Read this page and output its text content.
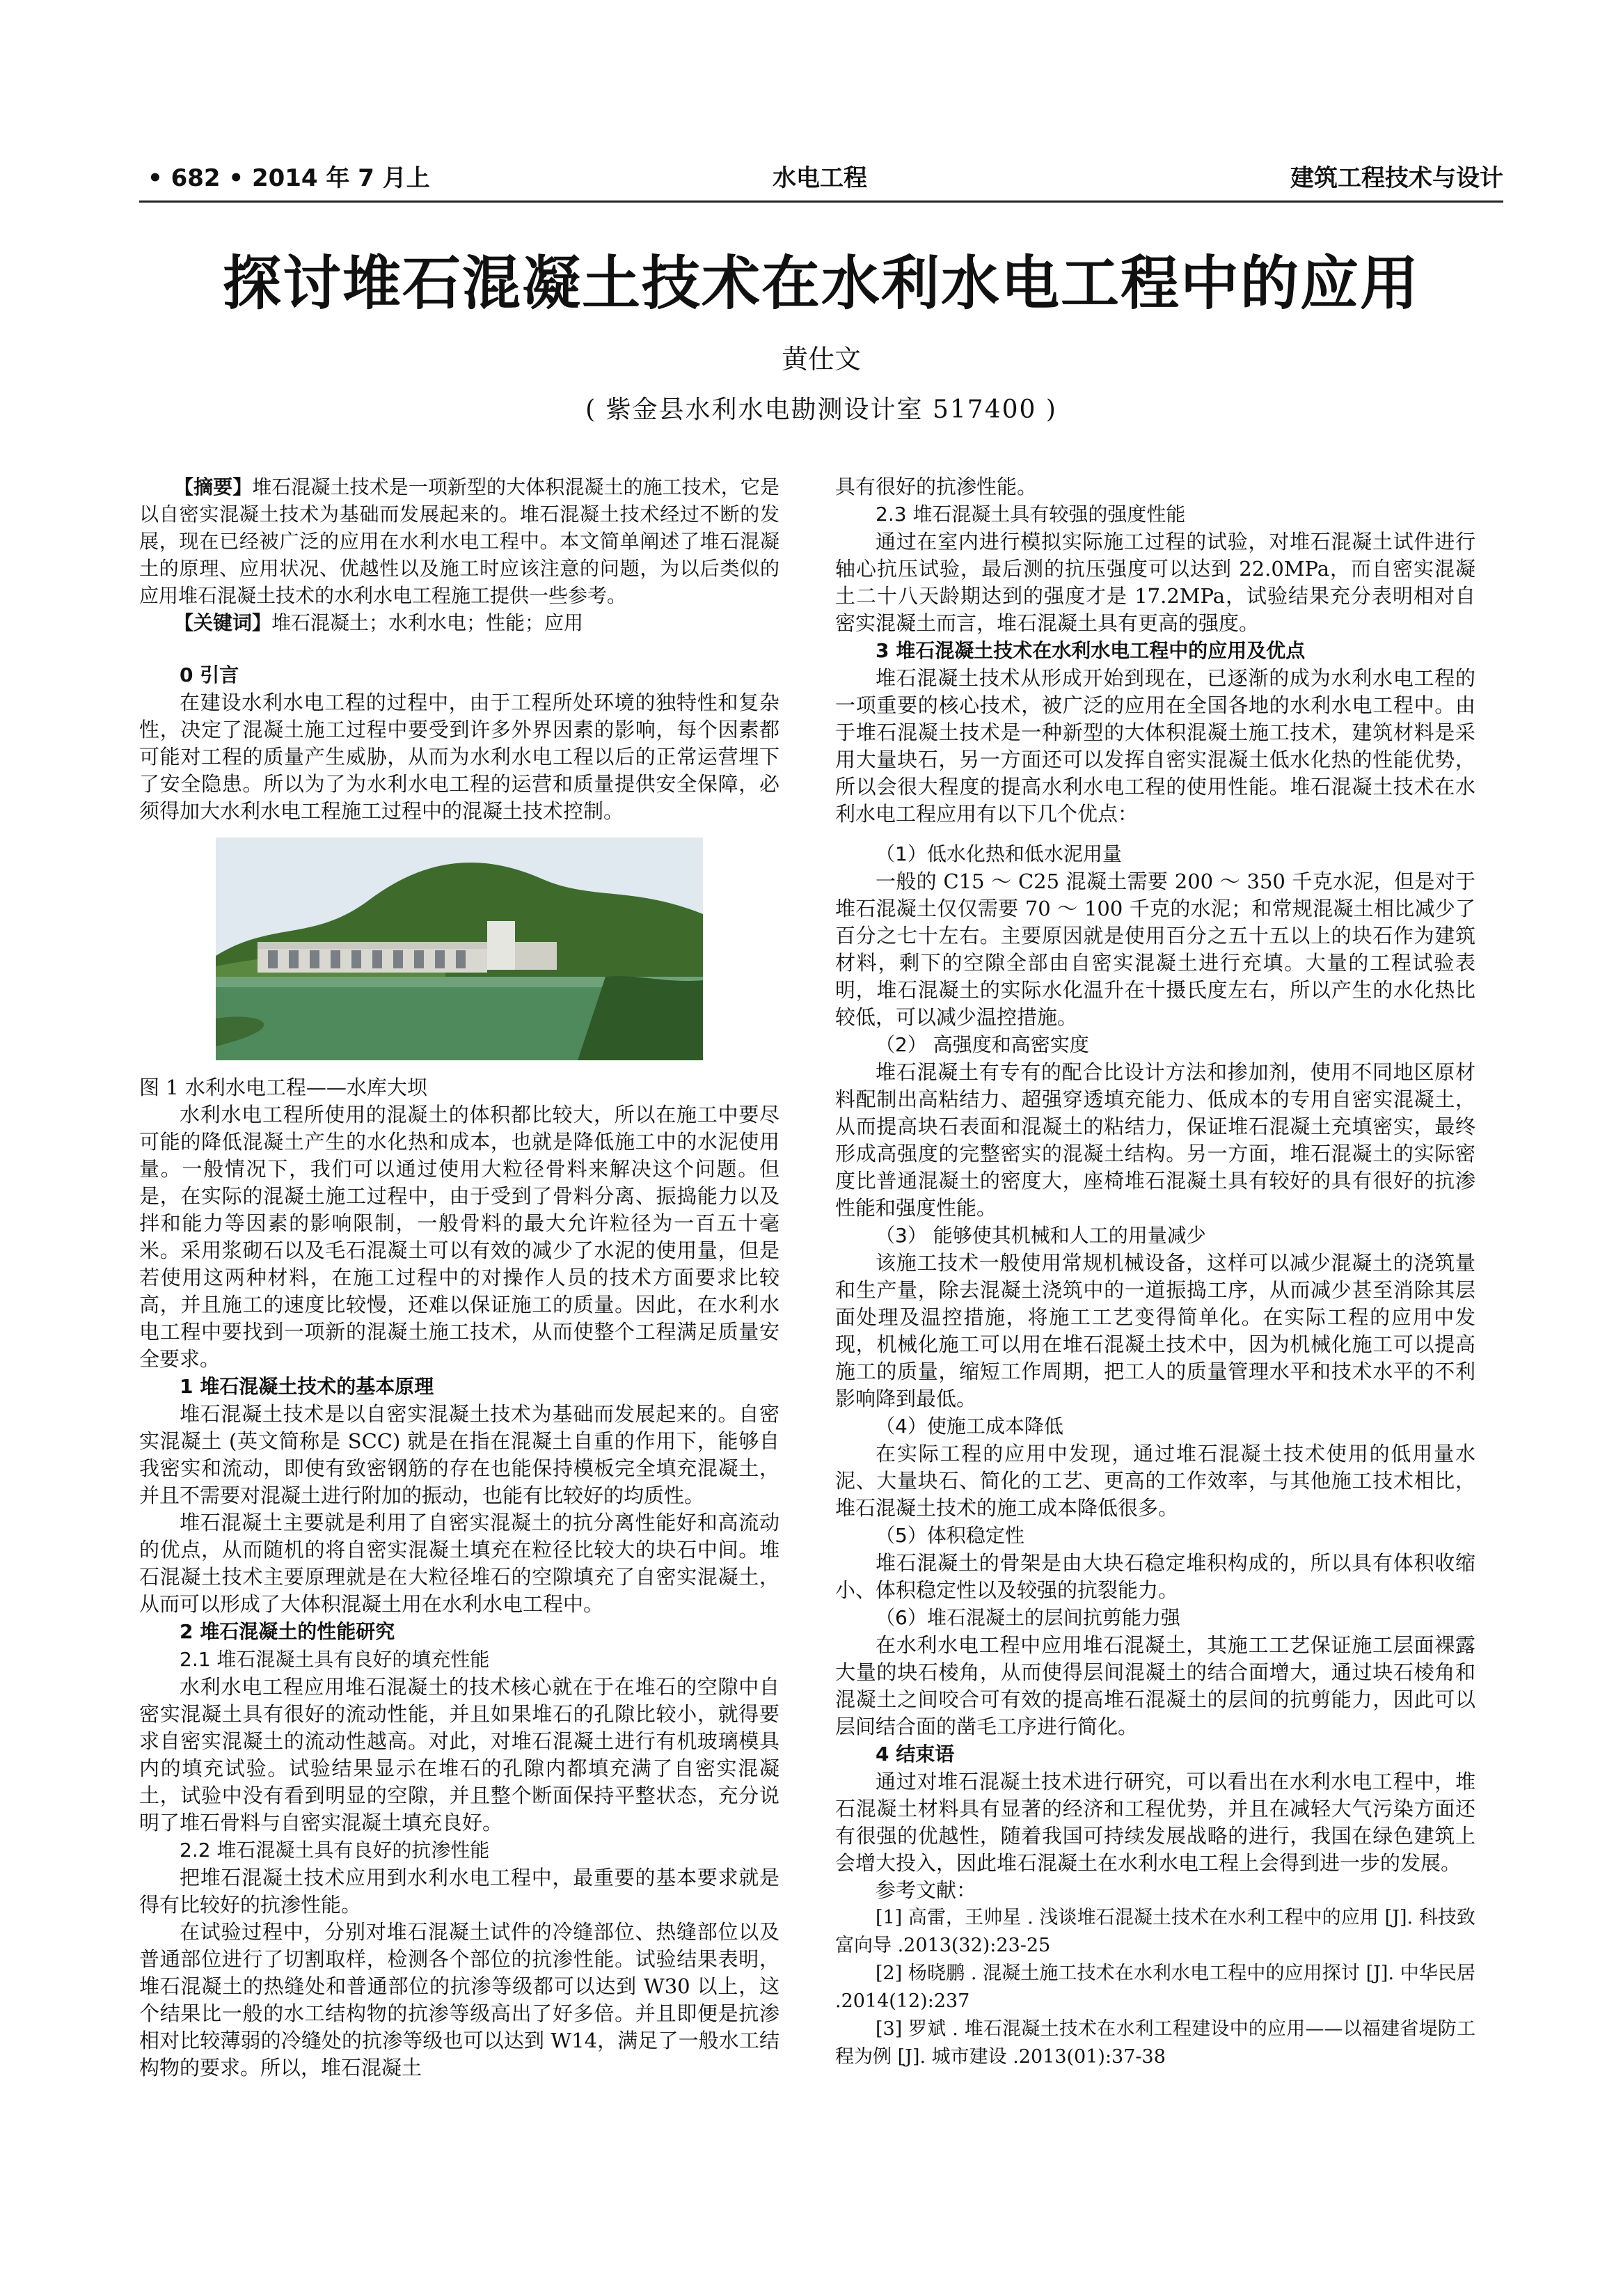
• 682 • 2014 年 7 月上	水电工程	建筑工程技术与设计
探讨堆石混凝土技术在水利水电工程中的应用
黄仕文
( 紫金县水利水电勘测设计室 517400 )

【摘要】堆石混凝土技术是一项新型的大体积混凝土的施工技术，它是以自密实混凝土技术为基础而发展起来的。堆石混凝土技术经过不断的发展，现在已经被广泛的应用在水利水电工程中。本文简单阐述了堆石混凝土的原理、应用状况、优越性以及施工时应该注意的问题，为以后类似的应用堆石混凝土技术的水利水电工程施工提供一些参考。

【关键词】堆石混凝土；水利水电；性能；应用

0 引言

在建设水利水电工程的过程中，由于工程所处环境的独特性和复杂性，决定了混凝土施工过程中要受到许多外界因素的影响，每个因素都可能对工程的质量产生威胁，从而为水利水电工程以后的正常运营埋下了安全隐患。所以为了为水利水电工程的运营和质量提供安全保障，必须得加大水利水电工程施工过程中的混凝土技术控制。

图 1 水利水电工程——水库大坝

水利水电工程所使用的混凝土的体积都比较大，所以在施工中要尽可能的降低混凝土产生的水化热和成本，也就是降低施工中的水泥使用量。一般情况下，我们可以通过使用大粒径骨料来解决这个问题。但是，在实际的混凝土施工过程中，由于受到了骨料分离、振捣能力以及拌和能力等因素的影响限制，一般骨料的最大允许粒径为一百五十毫米。采用浆砌石以及毛石混凝土可以有效的减少了水泥的使用量，但是若使用这两种材料，在施工过程中的对操作人员的技术方面要求比较高，并且施工的速度比较慢，还难以保证施工的质量。因此，在水利水电工程中要找到一项新的混凝土施工技术，从而使整个工程满足质量安全要求。

1 堆石混凝土技术的基本原理

堆石混凝土技术是以自密实混凝土技术为基础而发展起来的。自密实混凝土 (英文简称是 SCC) 就是在指在混凝土自重的作用下，能够自我密实和流动，即使有致密钢筋的存在也能保持模板完全填充混凝土，并且不需要对混凝土进行附加的振动，也能有比较好的均质性。

堆石混凝土主要就是利用了自密实混凝土的抗分离性能好和高流动的优点，从而随机的将自密实混凝土填充在粒径比较大的块石中间。堆石混凝土技术主要原理就是在大粒径堆石的空隙填充了自密实混凝土，从而可以形成了大体积混凝土用在水利水电工程中。

2 堆石混凝土的性能研究

2.1 堆石混凝土具有良好的填充性能

水利水电工程应用堆石混凝土的技术核心就在于在堆石的空隙中自密实混凝土具有很好的流动性能，并且如果堆石的孔隙比较小，就得要求自密实混凝土的流动性越高。对此，对堆石混凝土进行有机玻璃模具内的填充试验。试验结果显示在堆石的孔隙内都填充满了自密实混凝土，试验中没有看到明显的空隙，并且整个断面保持平整状态，充分说明了堆石骨料与自密实混凝土填充良好。

2.2 堆石混凝土具有良好的抗渗性能

把堆石混凝土技术应用到水利水电工程中，最重要的基本要求就是得有比较好的抗渗性能。

在试验过程中，分别对堆石混凝土试件的冷缝部位、热缝部位以及普通部位进行了切割取样，检测各个部位的抗渗性能。试验结果表明，堆石混凝土的热缝处和普通部位的抗渗等级都可以达到 W30 以上，这个结果比一般的水工结构物的抗渗等级高出了好多倍。并且即便是抗渗相对比较薄弱的冷缝处的抗渗等级也可以达到 W14，满足了一般水工结构物的要求。所以，堆石混凝土

具有很好的抗渗性能。

2.3 堆石混凝土具有较强的强度性能

通过在室内进行模拟实际施工过程的试验，对堆石混凝土试件进行轴心抗压试验，最后测的抗压强度可以达到 22.0MPa，而自密实混凝土二十八天龄期达到的强度才是 17.2MPa，试验结果充分表明相对自密实混凝土而言，堆石混凝土具有更高的强度。

3 堆石混凝土技术在水利水电工程中的应用及优点

堆石混凝土技术从形成开始到现在，已逐渐的成为水利水电工程的一项重要的核心技术，被广泛的应用在全国各地的水利水电工程中。由于堆石混凝土技术是一种新型的大体积混凝土施工技术，建筑材料是采用大量块石，另一方面还可以发挥自密实混凝土低水化热的性能优势，所以会很大程度的提高水利水电工程的使用性能。堆石混凝土技术在水利水电工程应用有以下几个优点：

（1）低水化热和低水泥用量

一般的 C15 ～ C25 混凝土需要 200 ～ 350 千克水泥，但是对于堆石混凝土仅仅需要 70 ～ 100 千克的水泥；和常规混凝土相比减少了百分之七十左右。主要原因就是使用百分之五十五以上的块石作为建筑材料，剩下的空隙全部由自密实混凝土进行充填。大量的工程试验表明，堆石混凝土的实际水化温升在十摄氏度左右，所以产生的水化热比较低，可以减少温控措施。

（2） 高强度和高密实度

堆石混凝土有专有的配合比设计方法和掺加剂，使用不同地区原材料配制出高粘结力、超强穿透填充能力、低成本的专用自密实混凝土，从而提高块石表面和混凝土的粘结力，保证堆石混凝土充填密实，最终形成高强度的完整密实的混凝土结构。另一方面，堆石混凝土的实际密度比普通混凝土的密度大，座椅堆石混凝土具有较好的具有很好的抗渗性能和强度性能。

（3） 能够使其机械和人工的用量减少

该施工技术一般使用常规机械设备，这样可以减少混凝土的浇筑量和生产量，除去混凝土浇筑中的一道振捣工序，从而减少甚至消除其层面处理及温控措施，将施工工艺变得简单化。在实际工程的应用中发现，机械化施工可以用在堆石混凝土技术中，因为机械化施工可以提高施工的质量，缩短工作周期，把工人的质量管理水平和技术水平的不利影响降到最低。

（4）使施工成本降低

在实际工程的应用中发现，通过堆石混凝土技术使用的低用量水泥、大量块石、简化的工艺、更高的工作效率，与其他施工技术相比，堆石混凝土技术的施工成本降低很多。

（5）体积稳定性

堆石混凝土的骨架是由大块石稳定堆积构成的，所以具有体积收缩小、体积稳定性以及较强的抗裂能力。

（6）堆石混凝土的层间抗剪能力强

在水利水电工程中应用堆石混凝土，其施工工艺保证施工层面裸露大量的块石棱角，从而使得层间混凝土的结合面增大，通过块石棱角和混凝土之间咬合可有效的提高堆石混凝土的层间的抗剪能力，因此可以层间结合面的凿毛工序进行简化。

4 结束语

通过对堆石混凝土技术进行研究，可以看出在水利水电工程中，堆石混凝土材料具有显著的经济和工程优势，并且在减轻大气污染方面还有很强的优越性，随着我国可持续发展战略的进行，我国在绿色建筑上会增大投入，因此堆石混凝土在水利水电工程上会得到进一步的发展。

参考文献：

[1] 高雷，王帅星 . 浅谈堆石混凝土技术在水利工程中的应用 [J]. 科技致富向导 .2013(32):23-25

[2] 杨晓鹏 . 混凝土施工技术在水利水电工程中的应用探讨 [J]. 中华民居 .2014(12):237

[3] 罗斌 . 堆石混凝土技术在水利工程建设中的应用——以福建省堤防工程为例 [J]. 城市建设 .2013(01):37-38
